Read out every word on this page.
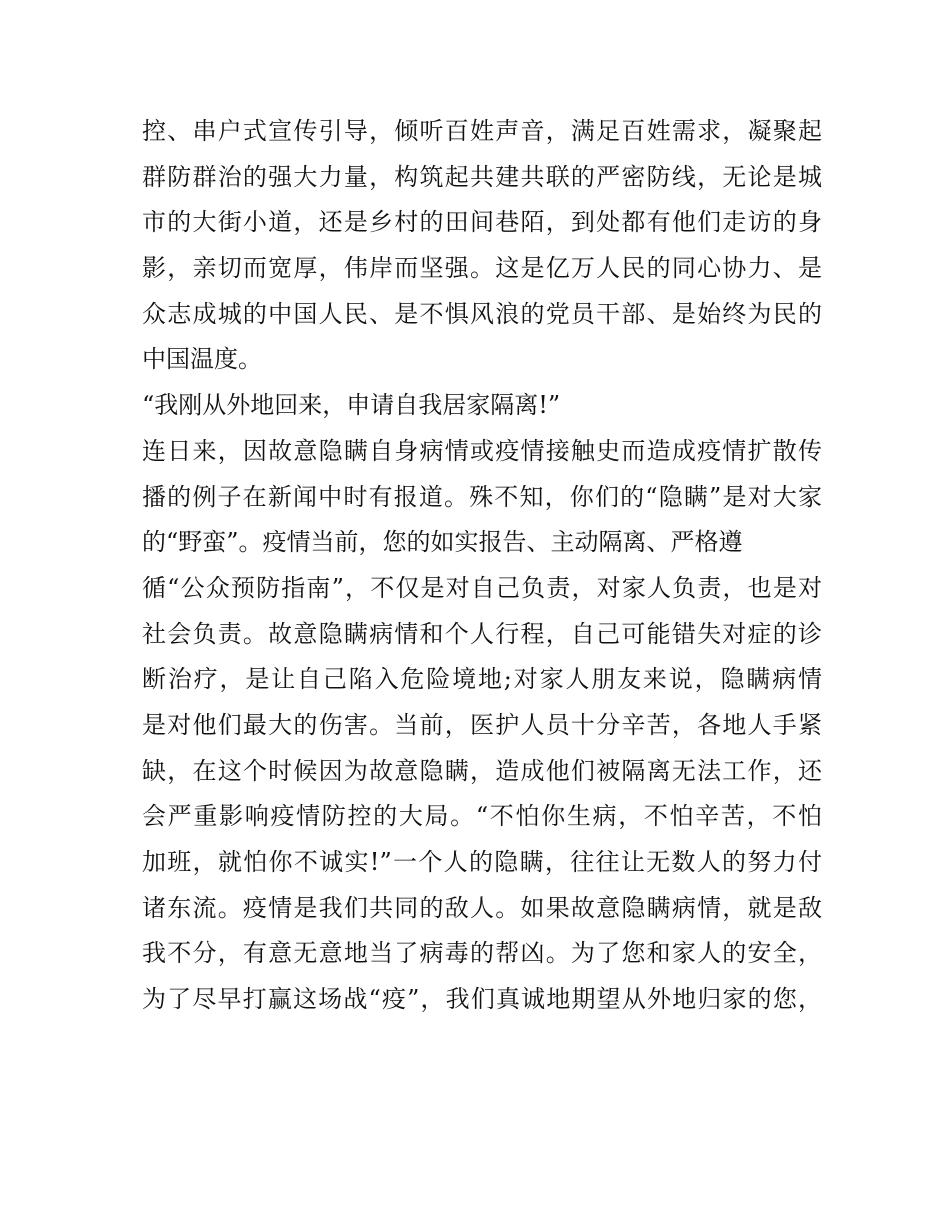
控、串户式宣传引导，倾听百姓声音，满足百姓需求，凝聚起
群防群治的强大力量，构筑起共建共联的严密防线，无论是城
市的大街小道，还是乡村的田间巷陌，到处都有他们走访的身
影，亲切而宽厚，伟岸而坚强。这是亿万人民的同心协力、是
众志成城的中国人民、是不惧风浪的党员干部、是始终为民的
中国温度。
“我刚从外地回来，申请自我居家隔离!”
连日来，因故意隐瞒自身病情或疫情接触史而造成疫情扩散传
播的例子在新闻中时有报道。殊不知，你们的“隐瞒”是对大家
的“野蛮”。疫情当前，您的如实报告、主动隔离、严格遵
循“公众预防指南”，不仅是对自己负责，对家人负责，也是对
社会负责。故意隐瞒病情和个人行程，自己可能错失对症的诊
断治疗，是让自己陷入危险境地;对家人朋友来说，隐瞒病情
是对他们最大的伤害。当前，医护人员十分辛苦，各地人手紧
缺，在这个时候因为故意隐瞒，造成他们被隔离无法工作，还
会严重影响疫情防控的大局。“不怕你生病，不怕辛苦，不怕
加班，就怕你不诚实!”一个人的隐瞒，往往让无数人的努力付
诸东流。疫情是我们共同的敌人。如果故意隐瞒病情，就是敌
我不分，有意无意地当了病毒的帮凶。为了您和家人的安全，
为了尽早打赢这场战“疫”，我们真诚地期望从外地归家的您，
